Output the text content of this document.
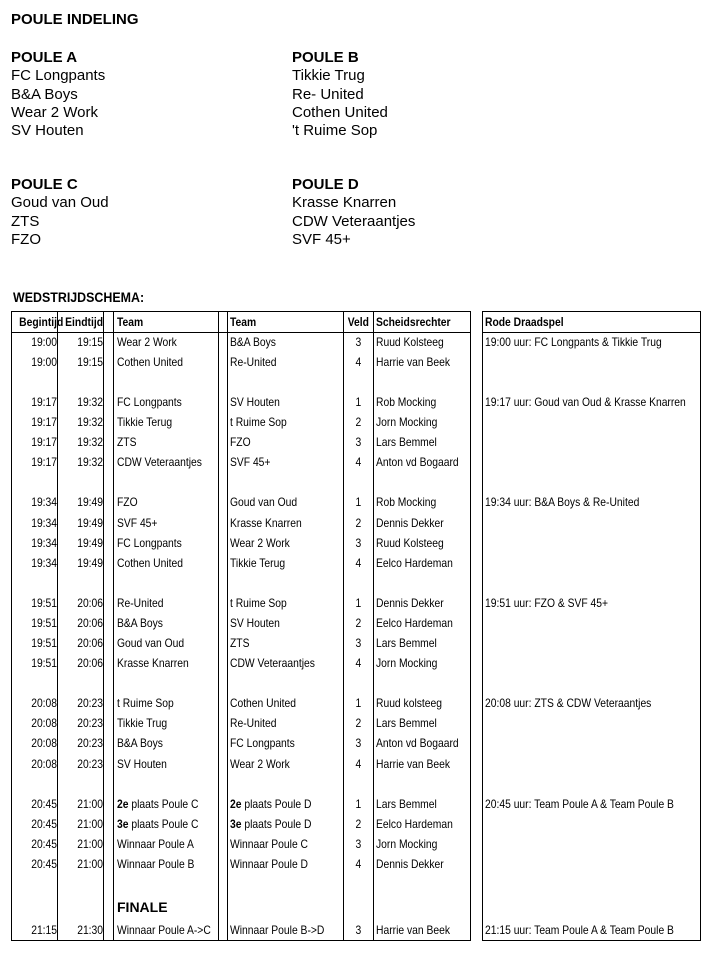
POULE INDELING
POULE A
FC Longpants
B&A Boys
Wear 2 Work
SV Houten
POULE B
Tikkie Trug
Re- United
Cothen United
't Ruime Sop
POULE C
Goud van Oud
ZTS
FZO
POULE D
Krasse Knarren
CDW Veteraantjes
SVF 45+
WEDSTRIJDSCHEMA:
Begintijd Eindtijd Team	Team	Veld Scheidsrechter	Rode Draadspel
19:00	19:15 Wear 2 Work	B&A Boys	3	Ruud Kolsteeg	19:00 uur: FC Longpants & Tikkie Trug
19:00	19:15 Cothen United	Re-United	4	Harrie van Beek
19:17	19:32 FC Longpants	SV Houten	1	Rob Mocking	19:17 uur: Goud van Oud & Krasse Knarren
19:17	19:32 Tikkie Terug	t Ruime Sop	2	Jorn Mocking
19:17	19:32 ZTS	FZO	3	Lars Bemmel
19:17	19:32 CDW Veteraantjes	SVF 45+	4	Anton vd Bogaard
19:34	19:49 FZO	Goud van Oud	1	Rob Mocking	19:34 uur: B&A Boys & Re-United
19:34	19:49 SVF 45+	Krasse Knarren	2	Dennis Dekker
19:34	19:49 FC Longpants	Wear 2 Work	3	Ruud Kolsteeg
19:34	19:49 Cothen United	Tikkie Terug	4	Eelco Hardeman
19:51	20:06 Re-United	t Ruime Sop	1	Dennis Dekker	19:51 uur: FZO & SVF 45+
19:51	20:06 B&A Boys	SV Houten	2	Eelco Hardeman
19:51	20:06 Goud van Oud	ZTS	3	Lars Bemmel
19:51	20:06 Krasse Knarren	CDW Veteraantjes	4	Jorn Mocking
20:08	20:23 t Ruime Sop	Cothen United	1	Ruud kolsteeg	20:08 uur: ZTS & CDW Veteraantjes
20:08	20:23 Tikkie Trug	Re-United	2	Lars Bemmel
20:08	20:23 B&A Boys	FC Longpants	3	Anton vd Bogaard
20:08	20:23 SV Houten	Wear 2 Work	4	Harrie van Beek
20:45	21:00 2e plaats Poule C	2e plaats Poule D	1	Lars Bemmel	20:45 uur: Team Poule A & Team Poule B
20:45	21:00 3e plaats Poule C	3e plaats Poule D	2	Eelco Hardeman
20:45	21:00 Winnaar Poule A	Winnaar Poule C	3	Jorn Mocking
20:45	21:00 Winnaar Poule B	Winnaar Poule D	4	Dennis Dekker
21:15	21:30 Winnaar Poule A->C	Winnaar Poule B->D	3	Harrie van Beek	21:15 uur: Team Poule A & Team Poule B
FINALE
